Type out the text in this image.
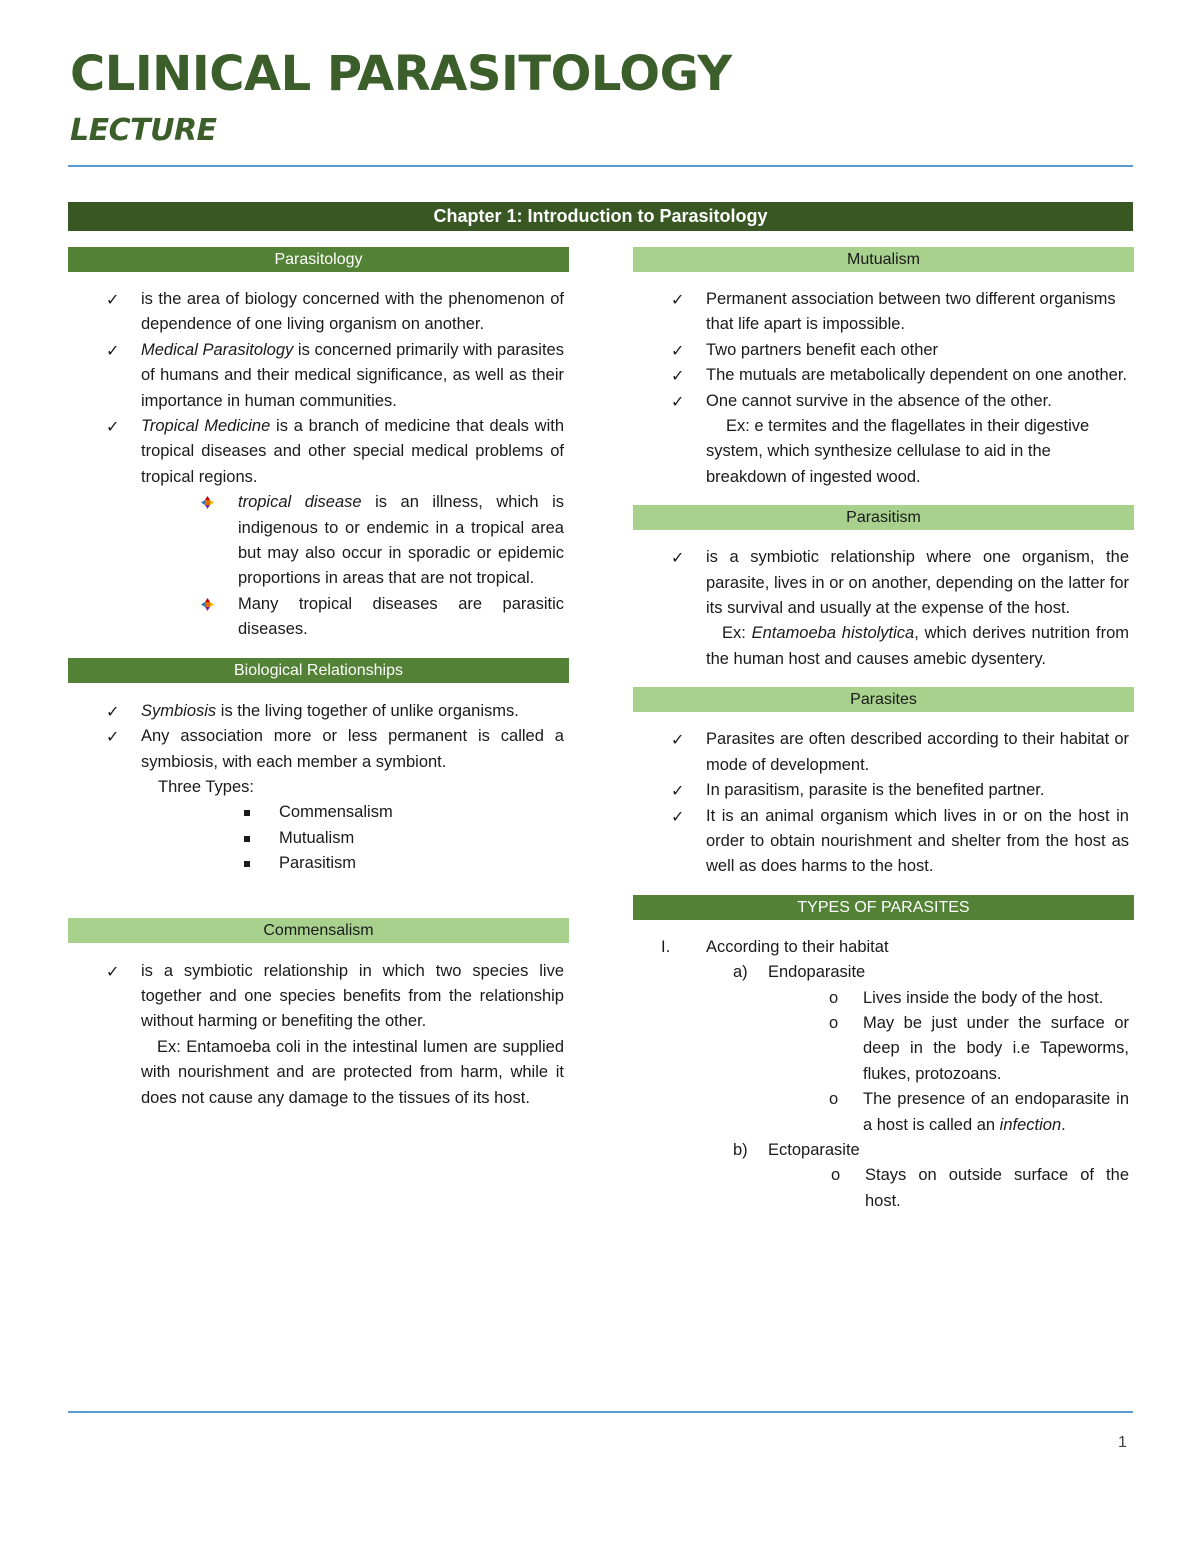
CLINICAL PARASITOLOGY
LECTURE
Chapter 1: Introduction to Parasitology
Parasitology
✓ is the area of biology concerned with the phenomenon of dependence of one living organism on another.
✓ Medical Parasitology is concerned primarily with parasites of humans and their medical significance, as well as their importance in human communities.
✓ Tropical Medicine is a branch of medicine that deals with tropical diseases and other special medical problems of tropical regions.
tropical disease is an illness, which is indigenous to or endemic in a tropical area but may also occur in sporadic or epidemic proportions in areas that are not tropical.
Many tropical diseases are parasitic diseases.
Biological Relationships
✓ Symbiosis is the living together of unlike organisms.
✓ Any association more or less permanent is called a symbiosis, with each member a symbiont.
Three Types:
Commensalism
Mutualism
Parasitism
Commensalism
✓ is a symbiotic relationship in which two species live together and one species benefits from the relationship without harming or benefiting the other.
Ex: Entamoeba coli in the intestinal lumen are supplied with nourishment and are protected from harm, while it does not cause any damage to the tissues of its host.
Mutualism
✓ Permanent association between two different organisms that life apart is impossible.
✓ Two partners benefit each other
✓ The mutuals are metabolically dependent on one another.
✓ One cannot survive in the absence of the other.
Ex: e termites and the flagellates in their digestive system, which synthesize cellulase to aid in the breakdown of ingested wood.
Parasitism
✓ is a symbiotic relationship where one organism, the parasite, lives in or on another, depending on the latter for its survival and usually at the expense of the host.
Ex: Entamoeba histolytica, which derives nutrition from the human host and causes amebic dysentery.
Parasites
✓ Parasites are often described according to their habitat or mode of development.
✓ In parasitism, parasite is the benefited partner.
✓ It is an animal organism which lives in or on the host in order to obtain nourishment and shelter from the host as well as does harms to the host.
TYPES OF PARASITES
I. According to their habitat
a) Endoparasite
o Lives inside the body of the host.
o May be just under the surface or deep in the body i.e Tapeworms, flukes, protozoans.
o The presence of an endoparasite in a host is called an infection.
b) Ectoparasite
o Stays on outside surface of the host.
1
